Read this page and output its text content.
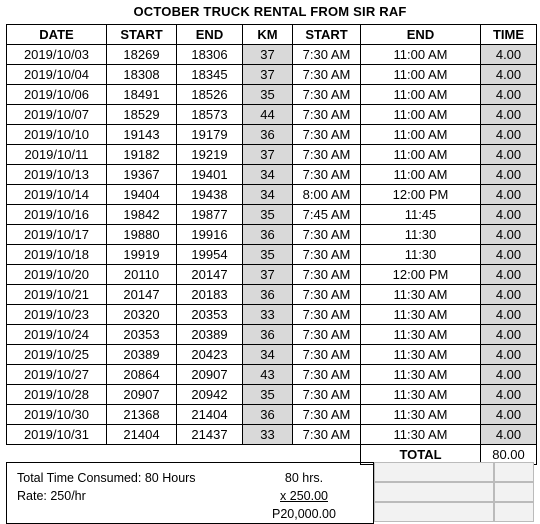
OCTOBER TRUCK RENTAL FROM SIR RAF
DATE	START	END	KM	START	END	TIME
2019/10/03	18269	18306	37	7:30 AM	11:00 AM	4.00
2019/10/04	18308	18345	37	7:30 AM	11:00 AM	4.00
2019/10/06	18491	18526	35	7:30 AM	11:00 AM	4.00
2019/10/07	18529	18573	44	7:30 AM	11:00 AM	4.00
2019/10/10	19143	19179	36	7:30 AM	11:00 AM	4.00
2019/10/11	19182	19219	37	7:30 AM	11:00 AM	4.00
2019/10/13	19367	19401	34	7:30 AM	11:00 AM	4.00
2019/10/14	19404	19438	34	8:00 AM	12:00 PM	4.00
2019/10/16	19842	19877	35	7:45 AM	11:45	4.00
2019/10/17	19880	19916	36	7:30 AM	11:30	4.00
2019/10/18	19919	19954	35	7:30 AM	11:30	4.00
2019/10/20	20110	20147	37	7:30 AM	12:00 PM	4.00
2019/10/21	20147	20183	36	7:30 AM	11:30 AM	4.00
2019/10/23	20320	20353	33	7:30 AM	11:30 AM	4.00
2019/10/24	20353	20389	36	7:30 AM	11:30 AM	4.00
2019/10/25	20389	20423	34	7:30 AM	11:30 AM	4.00
2019/10/27	20864	20907	43	7:30 AM	11:30 AM	4.00
2019/10/28	20907	20942	35	7:30 AM	11:30 AM	4.00
2019/10/30	21368	21404	36	7:30 AM	11:30 AM	4.00
2019/10/31	21404	21437	33	7:30 AM	11:30 AM	4.00
					TOTAL	80.00
Total Time Consumed: 80 Hours
Rate: 250/hr
80 hrs.
x 250.00
P20,000.00
